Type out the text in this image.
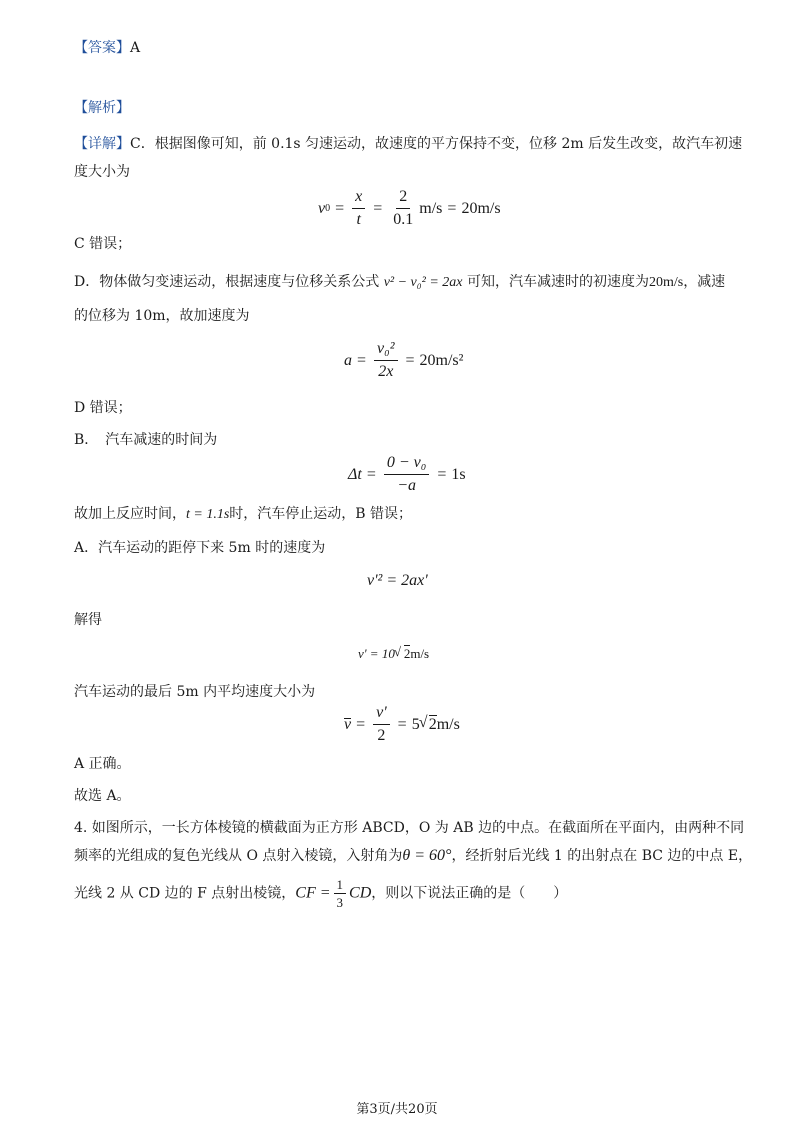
【答案】A
【解析】
【详解】C．根据图像可知，前 0.1s 匀速运动，故速度的平方保持不变，位移 2m 后发生改变，故汽车初速
度大小为
v $0 = \frac{x}{t} = \frac{2}{0.1} m/s = 20m/s$
C 错误；
D．物体做匀变速运动，根据速度与位移关系公式 v² − v₀² = 2ax 可知，汽车减速时的初速度为20m/s，减速
的位移为 10m，故加速度为
$a = \frac{\text{v₀²}}{2x} = 20m/s^2$
D 错误；
B．　汽车减速的时间为
$\Delta t = \frac{\text{0 − v₀}}{-a} = 1s$
故加上反应时间，t = 1.1s时，汽车停止运动，B 错误；
A．汽车运动的距停下来 5m 时的速度为
v'² = 2ax'
解得
v' = 10 √ 2 m/s
汽车运动的最后 5m 内平均速度大小为
$v = \frac{v'}{2} = 5$ √ 2 m/s
A 正确。
故选 A。
4. 如图所示，一长方体棱镜的横截面为正方形 ABCD，O 为 AB 边的中点。在截面所在平面内，由两种不同
频率的光组成的复色光线从 O 点射入棱镜，入射角为θ = 60°，经折射后光线 1 的出射点在 BC 边的中点 E，
光线 2 从 CD 边的 F 点射出棱镜，CF = $\frac{1}{3}$ CD，则以下说法正确的是（　　）
第3页/共20页
